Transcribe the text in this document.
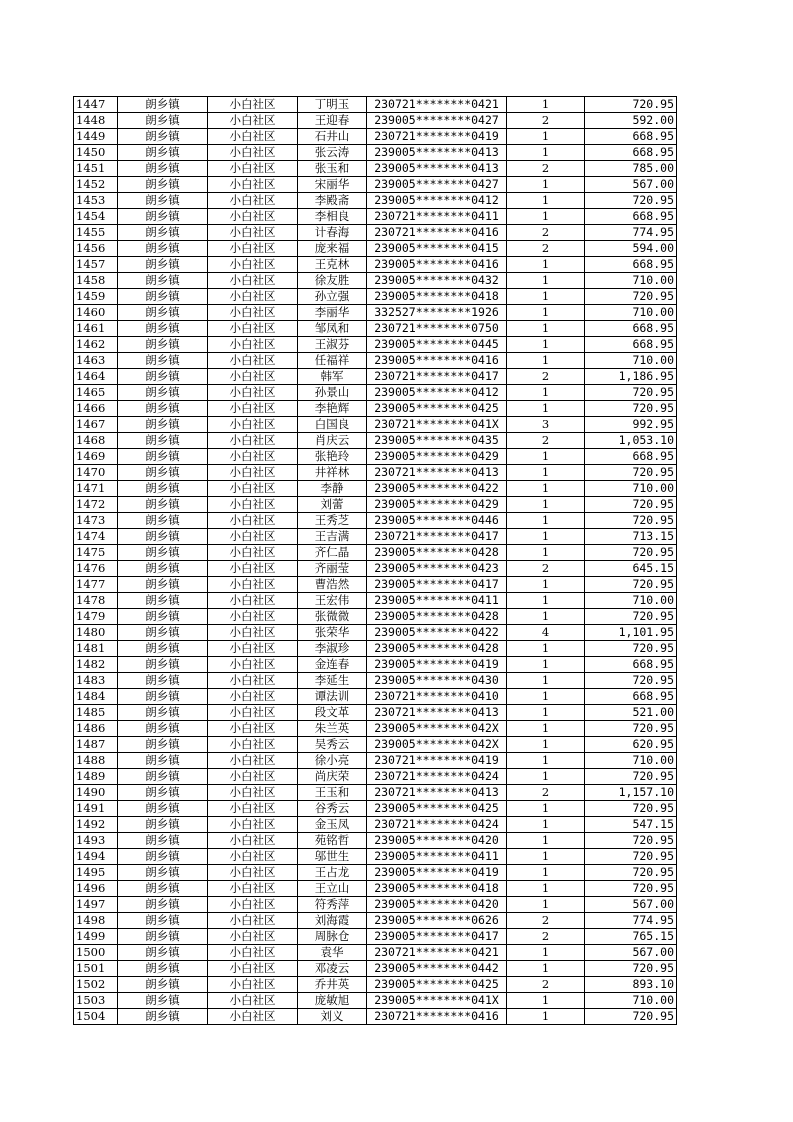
1447	朗乡镇	小白社区	丁明玉	230721********0421	1	720.95
1448	朗乡镇	小白社区	王迎春	239005********0427	2	592.00
1449	朗乡镇	小白社区	石井山	230721********0419	1	668.95
1450	朗乡镇	小白社区	张云涛	239005********0413	1	668.95
1451	朗乡镇	小白社区	张玉和	239005********0413	2	785.00
1452	朗乡镇	小白社区	宋丽华	239005********0427	1	567.00
1453	朗乡镇	小白社区	李殿斋	239005********0412	1	720.95
1454	朗乡镇	小白社区	李相良	230721********0411	1	668.95
1455	朗乡镇	小白社区	计春海	230721********0416	2	774.95
1456	朗乡镇	小白社区	庞来福	239005********0415	2	594.00
1457	朗乡镇	小白社区	王克林	239005********0416	1	668.95
1458	朗乡镇	小白社区	徐友胜	239005********0432	1	710.00
1459	朗乡镇	小白社区	孙立强	239005********0418	1	720.95
1460	朗乡镇	小白社区	李丽华	332527********1926	1	710.00
1461	朗乡镇	小白社区	邹凤和	230721********0750	1	668.95
1462	朗乡镇	小白社区	王淑芬	239005********0445	1	668.95
1463	朗乡镇	小白社区	任福祥	239005********0416	1	710.00
1464	朗乡镇	小白社区	韩军	230721********0417	2	1,186.95
1465	朗乡镇	小白社区	孙景山	239005********0412	1	720.95
1466	朗乡镇	小白社区	李艳辉	239005********0425	1	720.95
1467	朗乡镇	小白社区	白国良	230721********041X	3	992.95
1468	朗乡镇	小白社区	肖庆云	239005********0435	2	1,053.10
1469	朗乡镇	小白社区	张艳玲	239005********0429	1	668.95
1470	朗乡镇	小白社区	井祥林	230721********0413	1	720.95
1471	朗乡镇	小白社区	李静	239005********0422	1	710.00
1472	朗乡镇	小白社区	刘蕾	239005********0429	1	720.95
1473	朗乡镇	小白社区	王秀芝	239005********0446	1	720.95
1474	朗乡镇	小白社区	王吉满	230721********0417	1	713.15
1475	朗乡镇	小白社区	齐仁晶	239005********0428	1	720.95
1476	朗乡镇	小白社区	齐丽莹	239005********0423	2	645.15
1477	朗乡镇	小白社区	曹浩然	239005********0417	1	720.95
1478	朗乡镇	小白社区	王宏伟	239005********0411	1	710.00
1479	朗乡镇	小白社区	张微微	239005********0428	1	720.95
1480	朗乡镇	小白社区	张荣华	239005********0422	4	1,101.95
1481	朗乡镇	小白社区	李淑珍	239005********0428	1	720.95
1482	朗乡镇	小白社区	金连春	239005********0419	1	668.95
1483	朗乡镇	小白社区	李延生	239005********0430	1	720.95
1484	朗乡镇	小白社区	谭法训	230721********0410	1	668.95
1485	朗乡镇	小白社区	段文革	230721********0413	1	521.00
1486	朗乡镇	小白社区	朱兰英	239005********042X	1	720.95
1487	朗乡镇	小白社区	吴秀云	239005********042X	1	620.95
1488	朗乡镇	小白社区	徐小亮	230721********0419	1	710.00
1489	朗乡镇	小白社区	尚庆荣	230721********0424	1	720.95
1490	朗乡镇	小白社区	王玉和	230721********0413	2	1,157.10
1491	朗乡镇	小白社区	谷秀云	239005********0425	1	720.95
1492	朗乡镇	小白社区	金玉凤	230721********0424	1	547.15
1493	朗乡镇	小白社区	苑铭哲	239005********0420	1	720.95
1494	朗乡镇	小白社区	邬世生	239005********0411	1	720.95
1495	朗乡镇	小白社区	王占龙	239005********0419	1	720.95
1496	朗乡镇	小白社区	王立山	239005********0418	1	720.95
1497	朗乡镇	小白社区	符秀萍	239005********0420	1	567.00
1498	朗乡镇	小白社区	刘海霞	239005********0626	2	774.95
1499	朗乡镇	小白社区	周脉仓	239005********0417	2	765.15
1500	朗乡镇	小白社区	袁华	230721********0421	1	567.00
1501	朗乡镇	小白社区	邓凌云	239005********0442	1	720.95
1502	朗乡镇	小白社区	乔井英	239005********0425	2	893.10
1503	朗乡镇	小白社区	庞敏旭	239005********041X	1	710.00
1504	朗乡镇	小白社区	刘义	230721********0416	1	720.95
